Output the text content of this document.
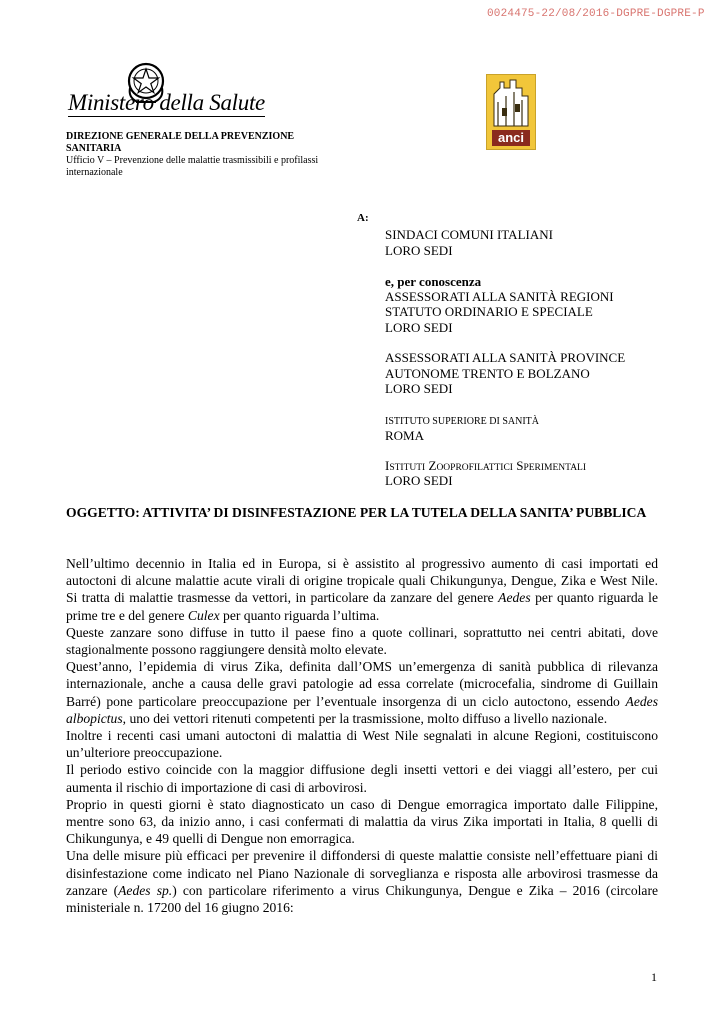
0024475-22/08/2016-DGPRE-DGPRE-P
Ministero della Salute
DIREZIONE GENERALE DELLA PREVENZIONE SANITARIA
Ufficio V – Prevenzione delle malattie trasmissibili e profilassi internazionale
anci
A:
SINDACI COMUNI ITALIANI
LORO SEDI
e, per conoscenza
ASSESSORATI ALLA SANITÀ REGIONI
STATUTO ORDINARIO E SPECIALE
LORO SEDI
ASSESSORATI ALLA SANITÀ PROVINCE
AUTONOME TRENTO E BOLZANO
LORO SEDI
ISTITUTO SUPERIORE DI SANITÀ
ROMA
ISTITUTI ZOOPROFILATTICI SPERIMENTALI
LORO SEDI
OGGETTO: ATTIVITA’ DI DISINFESTAZIONE PER LA TUTELA DELLA SANITA’ PUBBLICA

Nell’ultimo decennio in Italia ed in Europa, si è assistito al progressivo aumento di casi importati ed autoctoni di alcune malattie acute virali di origine tropicale quali Chikungunya, Dengue, Zika e West Nile. Si tratta di malattie trasmesse da vettori, in particolare da zanzare del genere Aedes per quanto riguarda le prime tre e del genere Culex per quanto riguarda l’ultima.

Queste zanzare sono diffuse in tutto il paese fino a quote collinari, soprattutto nei centri abitati, dove stagionalmente possono raggiungere densità molto elevate.

Quest’anno, l’epidemia di virus Zika, definita dall’OMS un’emergenza di sanità pubblica di rilevanza internazionale, anche a causa delle gravi patologie ad essa correlate (microcefalia, sindrome di Guillain Barré) pone particolare preoccupazione per l’eventuale insorgenza di un ciclo autoctono, essendo Aedes albopictus, uno dei vettori ritenuti competenti per la trasmissione, molto diffuso a livello nazionale.

Inoltre i recenti casi umani autoctoni di malattia di West Nile segnalati in alcune Regioni, costituiscono un’ulteriore preoccupazione.

Il periodo estivo coincide con la maggior diffusione degli insetti vettori e dei viaggi all’estero, per cui aumenta il rischio di importazione di casi di arbovirosi.

Proprio in questi giorni è stato diagnosticato un caso di Dengue emorragica importato dalle Filippine, mentre sono 63, da inizio anno, i casi confermati di malattia da virus Zika importati in Italia, 8 quelli di Chikungunya, e 49 quelli di Dengue non emorragica.

Una delle misure più efficaci per prevenire il diffondersi di queste malattie consiste nell’effettuare piani di disinfestazione come indicato nel Piano Nazionale di sorveglianza e risposta alle arbovirosi trasmesse da zanzare (Aedes sp.) con particolare riferimento a virus Chikungunya, Dengue e Zika – 2016 (circolare ministeriale n. 17200 del 16 giugno 2016:

1
